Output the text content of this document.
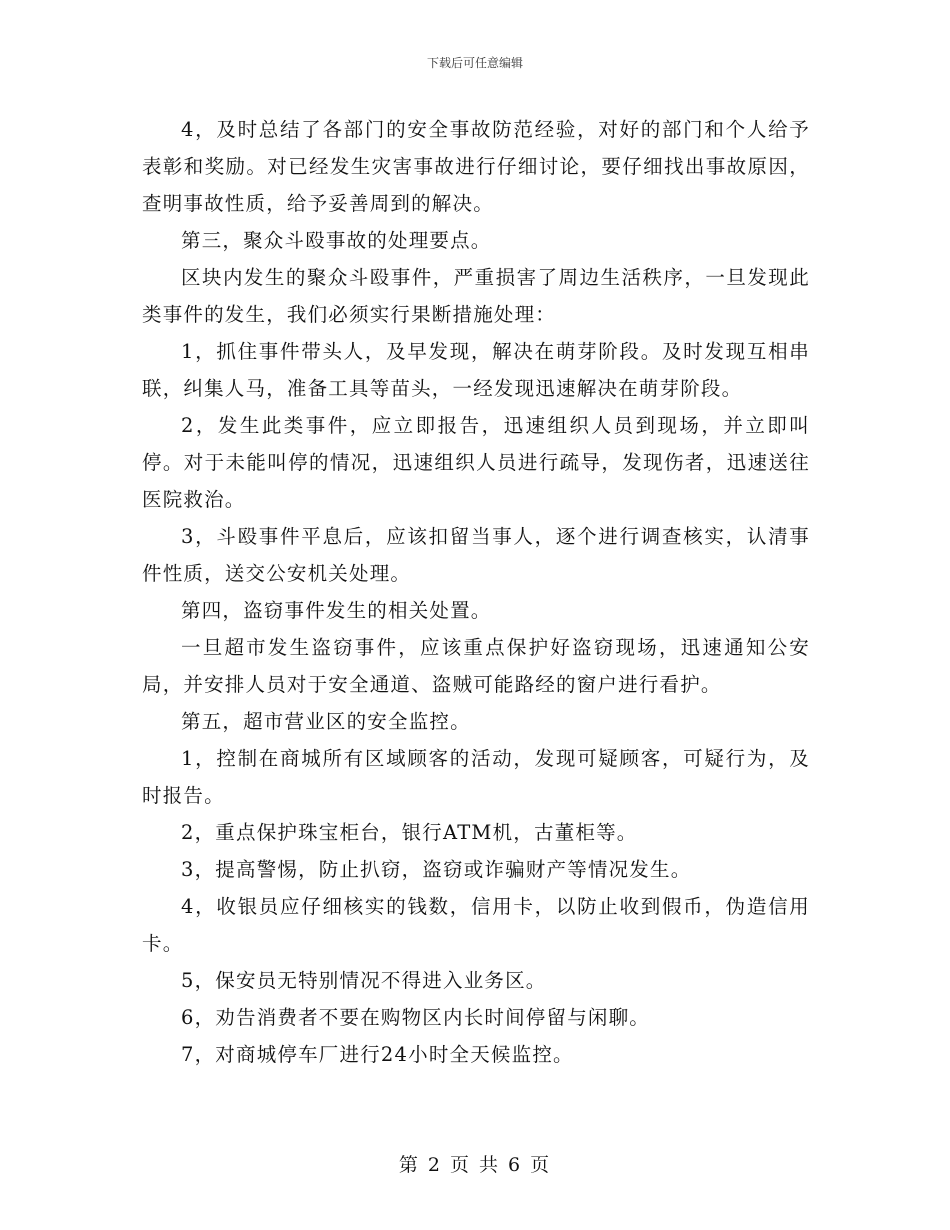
下载后可任意编辑

4，及时总结了各部门的安全事故防范经验，对好的部门和个人给予表彰和奖励。对已经发生灾害事故进行仔细讨论，要仔细找出事故原因，查明事故性质，给予妥善周到的解决。

第三，聚众斗殴事故的处理要点。

区块内发生的聚众斗殴事件，严重损害了周边生活秩序，一旦发现此类事件的发生，我们必须实行果断措施处理：

1，抓住事件带头人，及早发现，解决在萌芽阶段。及时发现互相串联，纠集人马，准备工具等苗头，一经发现迅速解决在萌芽阶段。

2，发生此类事件，应立即报告，迅速组织人员到现场，并立即叫停。对于未能叫停的情况，迅速组织人员进行疏导，发现伤者，迅速送往医院救治。

3，斗殴事件平息后，应该扣留当事人，逐个进行调查核实，认清事件性质，送交公安机关处理。

第四，盗窃事件发生的相关处置。

一旦超市发生盗窃事件，应该重点保护好盗窃现场，迅速通知公安局，并安排人员对于安全通道、盗贼可能路经的窗户进行看护。

第五，超市营业区的安全监控。

1，控制在商城所有区域顾客的活动，发现可疑顾客，可疑行为，及时报告。

2，重点保护珠宝柜台，银行ATM机，古董柜等。

3，提高警惕，防止扒窃，盗窃或诈骗财产等情况发生。

4，收银员应仔细核实的钱数，信用卡，以防止收到假币，伪造信用卡。

5，保安员无特别情况不得进入业务区。

6，劝告消费者不要在购物区内长时间停留与闲聊。

7，对商城停车厂进行24小时全天候监控。

第 2 页 共 6 页
